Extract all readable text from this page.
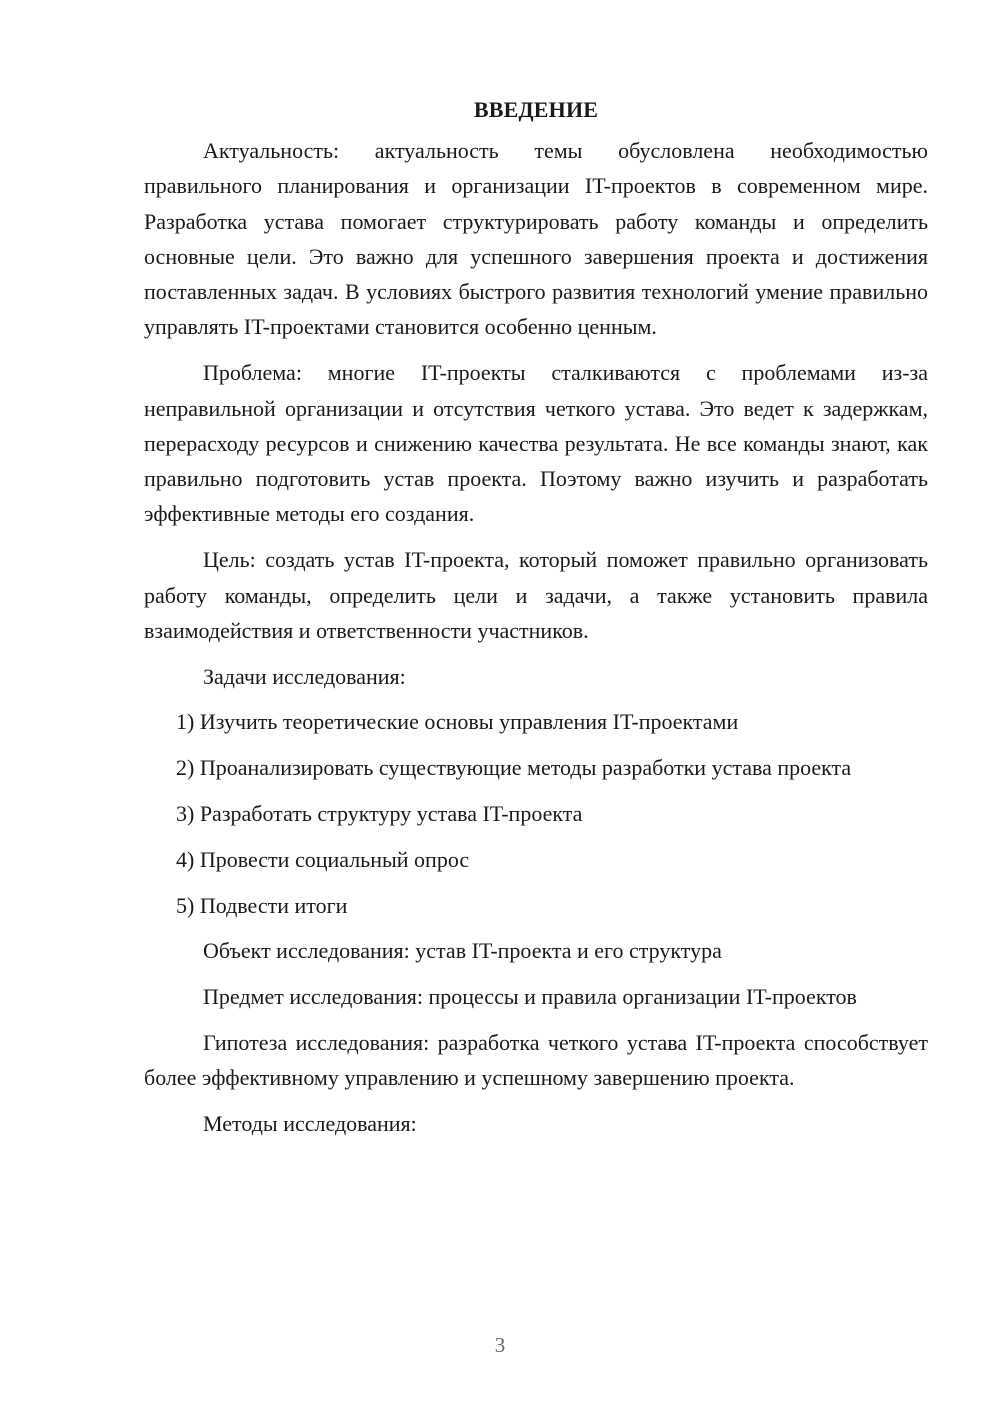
ВВЕДЕНИЕ

Актуальность: актуальность темы обусловлена необходимостью правильного планирования и организации IT-проектов в современном мире. Разработка устава помогает структурировать работу команды и определить основные цели. Это важно для успешного завершения проекта и достижения поставленных задач. В условиях быстрого развития технологий умение правильно управлять IT-проектами становится особенно ценным.

Проблема: многие IT-проекты сталкиваются с проблемами из-за неправильной организации и отсутствия четкого устава. Это ведет к задержкам, перерасходу ресурсов и снижению качества результата. Не все команды знают, как правильно подготовить устав проекта. Поэтому важно изучить и разработать эффективные методы его создания.

Цель: создать устав IT-проекта, который поможет правильно организовать работу команды, определить цели и задачи, а также установить правила взаимодействия и ответственности участников.

Задачи исследования:

1) Изучить теоретические основы управления IT-проектами

2) Проанализировать существующие методы разработки устава проекта

3) Разработать структуру устава IT-проекта

4) Провести социальный опрос

5) Подвести итоги

Объект исследования: устав IT-проекта и его структура

Предмет исследования: процессы и правила организации IT-проектов

Гипотеза исследования: разработка четкого устава IT-проекта способствует более эффективному управлению и успешному завершению проекта.

Методы исследования:

3
